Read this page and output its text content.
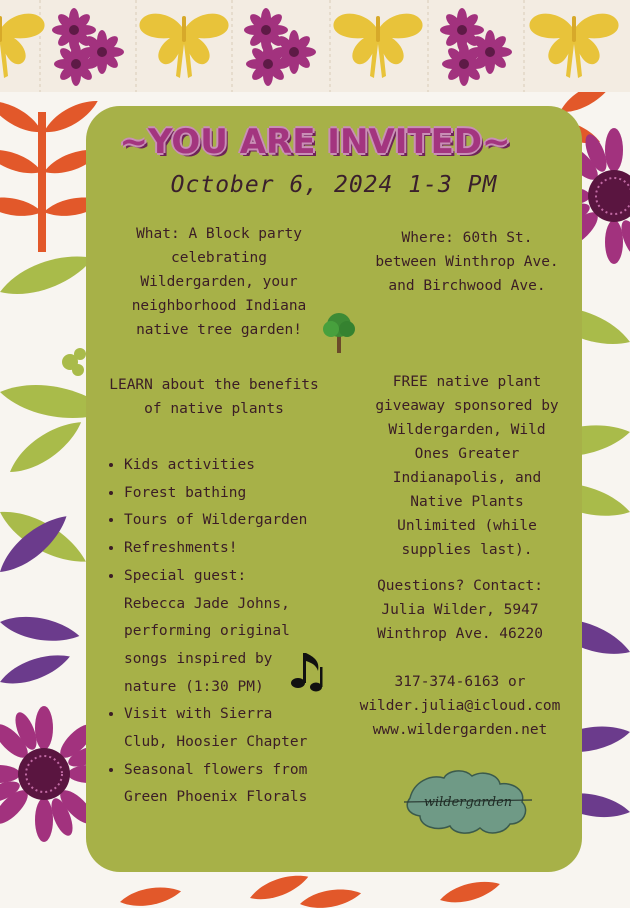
~YOU ARE INVITED~
October 6, 2024 1-3 PM
What: A Block party
celebrating
Wildergarden, your
neighborhood Indiana
native tree garden!
Where: 60th St.
between Winthrop Ave.
and Birchwood Ave.
LEARN about the benefits
of native plants
FREE native plant
giveaway sponsored by
Wildergarden, Wild
Ones Greater
Indianapolis, and
Native Plants
Unlimited (while
supplies last).
Questions? Contact:
Julia Wilder, 5947
Winthrop Ave. 46220
317-374-6163 or
wilder.julia@icloud.com
www.wildergarden.net
• Kids activities
• Forest bathing
• Tours of Wildergarden
• Refreshments!
• Special guest:
Rebecca Jade Johns,
performing original
songs inspired by
nature (1:30 PM)
• Visit with Sierra
Club, Hoosier Chapter
• Seasonal flowers from
Green Phoenix Florals	wildergarden
